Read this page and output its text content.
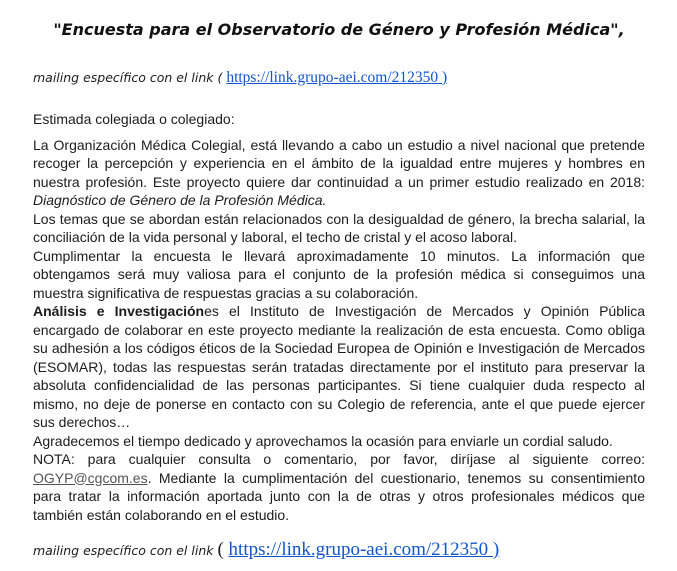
"Encuesta para el Observatorio de Género y Profesión Médica",

mailing específico con el link ( https://link.grupo-aei.com/212350 )

Estimada colegiada o colegiado:

La Organización Médica Colegial, está llevando a cabo un estudio a nivel nacional que pretende recoger la percepción y experiencia en el ámbito de la igualdad entre mujeres y hombres en nuestra profesión. Este proyecto quiere dar continuidad a un primer estudio realizado en 2018: Diagnóstico de Género de la Profesión Médica.

Los temas que se abordan están relacionados con la desigualdad de género, la brecha salarial, la conciliación de la vida personal y laboral, el techo de cristal y el acoso laboral.

Cumplimentar la encuesta le llevará aproximadamente 10 minutos. La información que obtengamos será muy valiosa para el conjunto de la profesión médica si conseguimos una muestra significativa de respuestas gracias a su colaboración.

Análisis e Investigaciónes el Instituto de Investigación de Mercados y Opinión Pública encargado de colaborar en este proyecto mediante la realización de esta encuesta. Como obliga su adhesión a los códigos éticos de la Sociedad Europea de Opinión e Investigación de Mercados (ESOMAR), todas las respuestas serán tratadas directamente por el instituto para preservar la absoluta confidencialidad de las personas participantes. Si tiene cualquier duda respecto al mismo, no deje de ponerse en contacto con su Colegio de referencia, ante el que puede ejercer sus derechos…

Agradecemos el tiempo dedicado y aprovechamos la ocasión para enviarle un cordial saludo.

NOTA: para cualquier consulta o comentario, por favor, diríjase al siguiente correo: OGYP@cgcom.es. Mediante la cumplimentación del cuestionario, tenemos su consentimiento para tratar la información aportada junto con la de otras y otros profesionales médicos que también están colaborando en el estudio.

mailing específico con el link ( https://link.grupo-aei.com/212350 )
